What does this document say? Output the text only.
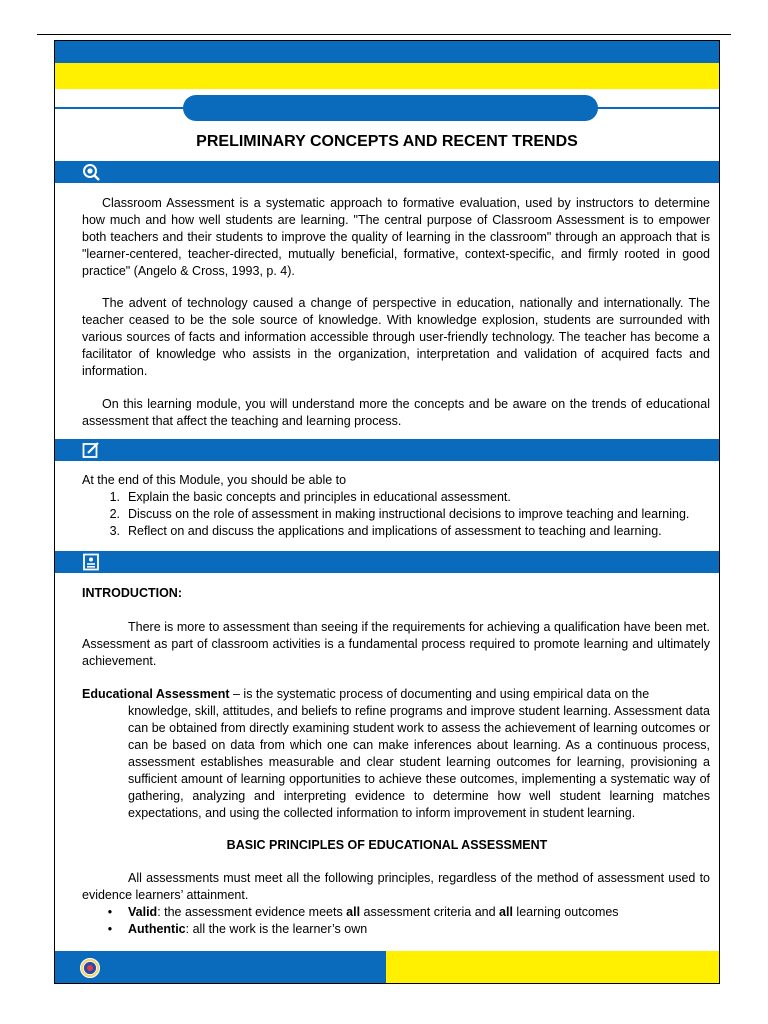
PRELIMINARY CONCEPTS AND RECENT TRENDS
Classroom Assessment is a systematic approach to formative evaluation, used by instructors to determine how much and how well students are learning. "The central purpose of Classroom Assessment is to empower both teachers and their students to improve the quality of learning in the classroom" through an approach that is "learner-centered, teacher-directed, mutually beneficial, formative, context-specific, and firmly rooted in good practice" (Angelo & Cross, 1993, p. 4).
The advent of technology caused a change of perspective in education, nationally and internationally. The teacher ceased to be the sole source of knowledge. With knowledge explosion, students are surrounded with various sources of facts and information accessible through user-friendly technology. The teacher has become a facilitator of knowledge who assists in the organization, interpretation and validation of acquired facts and information.
On this learning module, you will understand more the concepts and be aware on the trends of educational assessment that affect the teaching and learning process.
At the end of this Module, you should be able to
1. Explain the basic concepts and principles in educational assessment.
2. Discuss on the role of assessment in making instructional decisions to improve teaching and learning.
3. Reflect on and discuss the applications and implications of assessment to teaching and learning.
INTRODUCTION:
There is more to assessment than seeing if the requirements for achieving a qualification have been met. Assessment as part of classroom activities is a fundamental process required to promote learning and ultimately achievement.
Educational Assessment – is the systematic process of documenting and using empirical data on the
knowledge, skill, attitudes, and beliefs to refine programs and improve student learning. Assessment data can be obtained from directly examining student work to assess the achievement of learning outcomes or can be based on data from which one can make inferences about learning. As a continuous process, assessment establishes measurable and clear student learning outcomes for learning, provisioning a sufficient amount of learning opportunities to achieve these outcomes, implementing a systematic way of gathering, analyzing and interpreting evidence to determine how well student learning matches expectations, and using the collected information to inform improvement in student learning.
BASIC PRINCIPLES OF EDUCATIONAL ASSESSMENT
All assessments must meet all the following principles, regardless of the method of assessment used to evidence learners’ attainment.
•	Valid: the assessment evidence meets all assessment criteria and all learning outcomes
•	Authentic: all the work is the learner’s own
